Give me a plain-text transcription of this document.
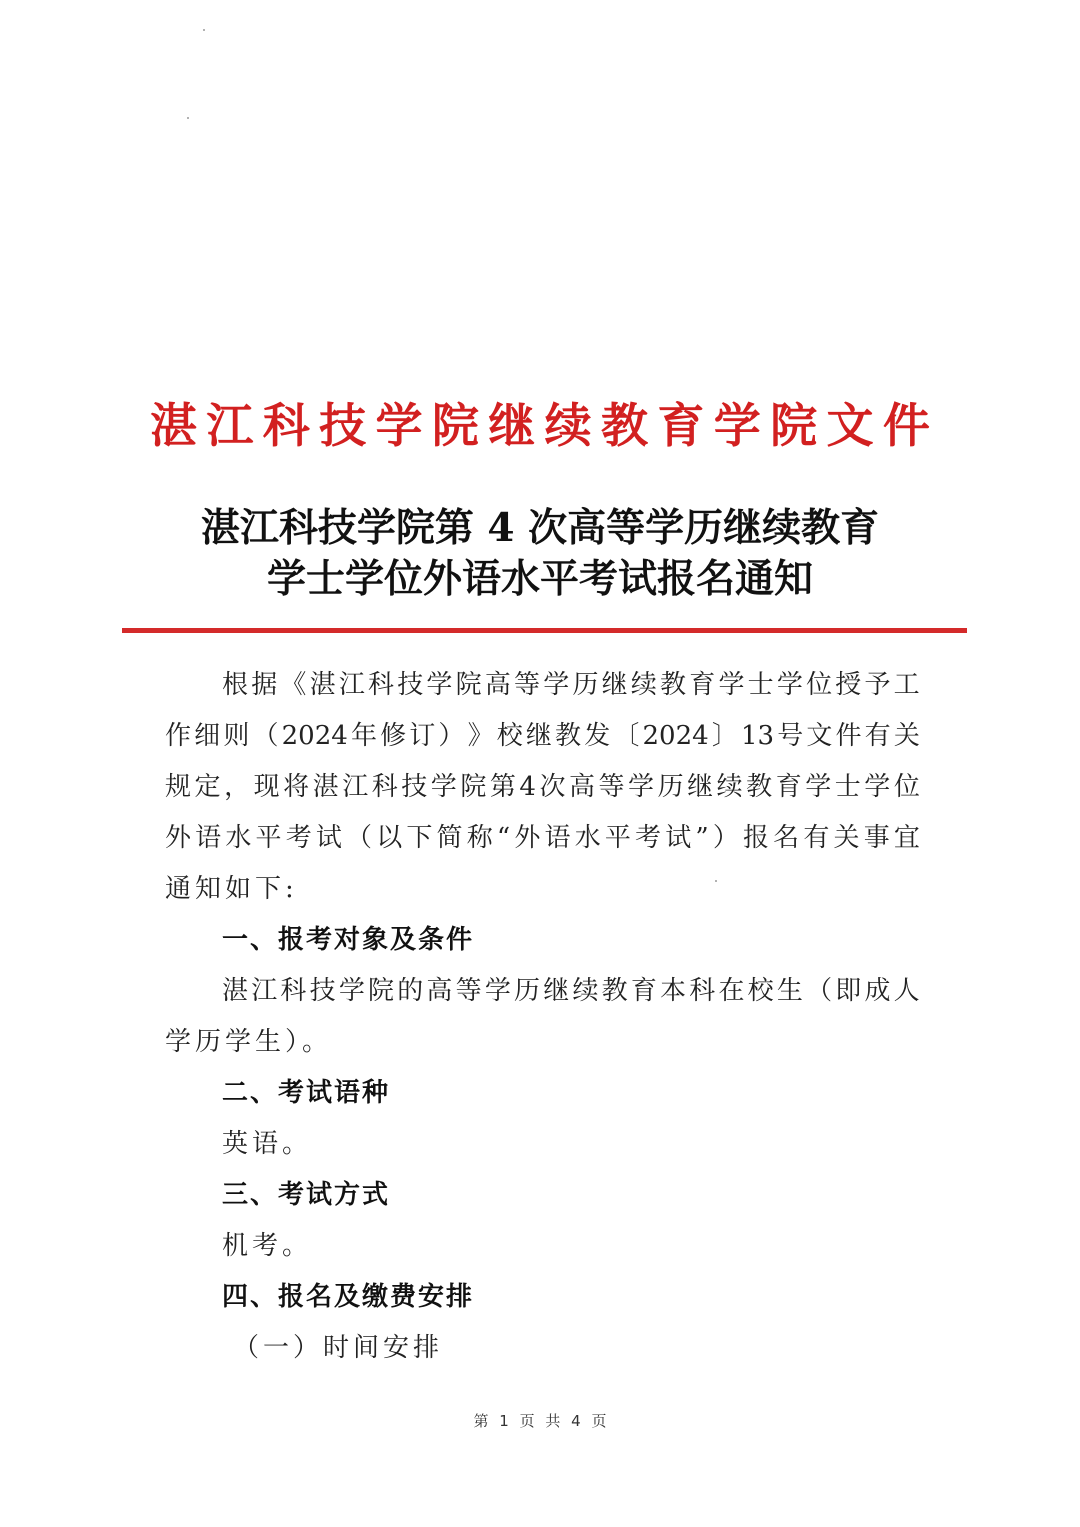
湛 江 科 技 学 院 继 续 教 育 学 院 文 件
湛江科技学院第 4 次高等学历继续教育
学士学位外语水平考试报名通知
根 据 《 湛 江 科 技 学 院 高 等 学 历 继 续 教 育 学 士 学 位 授 予 工
作 细 则 （ 2024 年 修 订 ） 》 校 继 教 发 〔 2024 〕 13 号 文 件 有 关
规 定 ， 现 将 湛 江 科 技 学 院 第 4 次 高 等 学 历 继 续 教 育 学 士 学 位
外 语 水 平 考 试 （ 以 下 简 称 “ 外 语 水 平 考 试 ” ） 报 名 有 关 事 宜
通知如下:
一、报考对象及条件
湛 江 科 技 学 院 的 高 等 学 历 继 续 教 育 本 科 在 校 生 （ 即 成 人
学历学生）。
二、考试语种
英语。
三、考试方式
机考。
四、报名及缴费安排
（一）时间安排
第 1 页 共 4 页
